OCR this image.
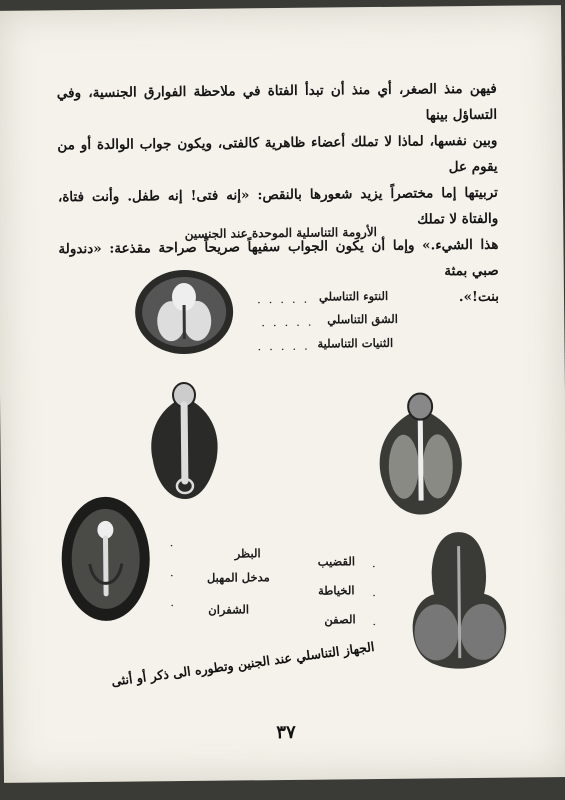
فيهن منذ الصغر، أي منذ أن تبدأ الفتاة في ملاحظة الفوارق الجنسية، وفي التساؤل بينها

وبين نفسها، لماذا لا تملك أعضاء ظاهرية كالفتى، ويكون جواب الوالدة أو من يقوم عل

تربيتها إما مختصراً يزيد شعورها بالنقص: «إنه فتى! إنه طفل. وأنت فتاة، والفتاة لا تملك

هذا الشيء.» وإما أن يكون الجواب سفيهاً صريحاً صراحة مقذعة: «دندولة صبي بمثة

بنت!».

الأرومة التناسلية الموحدة عند الجنسين
. . . . . النتوء التناسلي
. . . . . الشق التناسلي
. . . . . الثنيات التناسلية
.
القضيب
.
الخياطة
.
الصفن
.
البظر
.	مدخل المهبل
.
الشفران
الجهاز التناسلي عند الجنين وتطوره الى ذكر أو أنثى
٣٧
